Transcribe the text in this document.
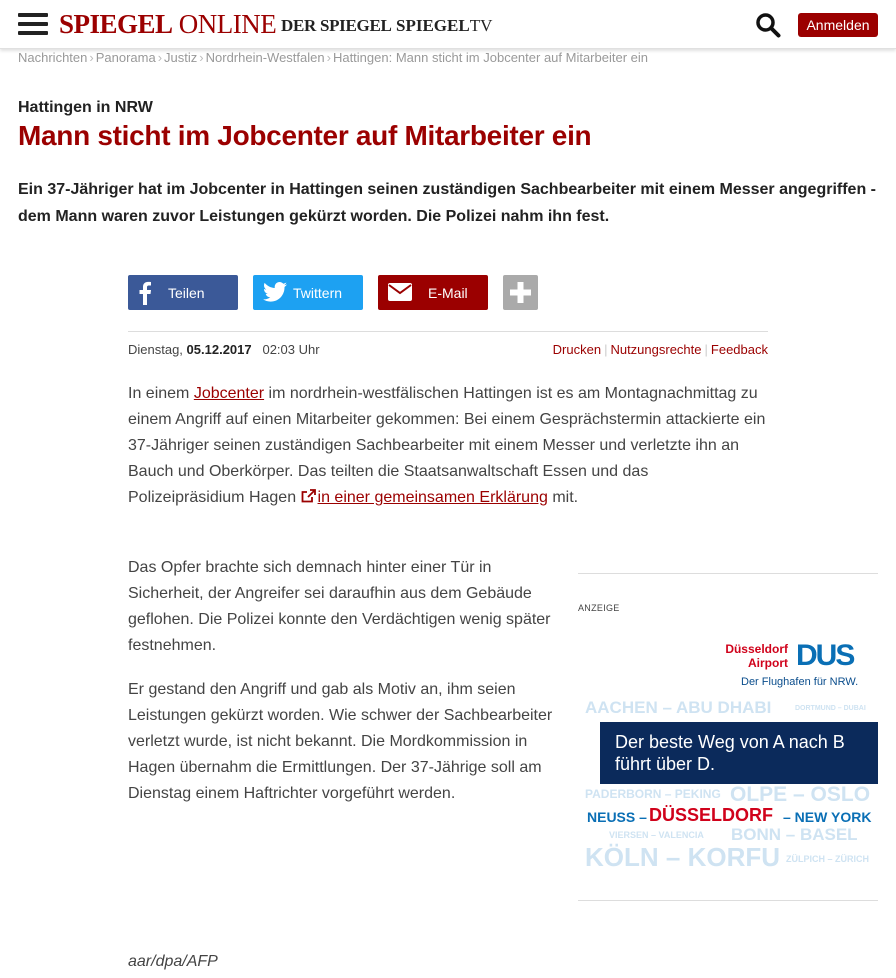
SPIEGEL ONLINE DER SPIEGEL SPIEGELTV	Anmelden
Nachrichten › Panorama › Justiz › Nordrhein-Westfalen › Hattingen: Mann sticht im Jobcenter auf Mitarbeiter ein
Hattingen in NRW
Mann sticht im Jobcenter auf Mitarbeiter ein

Ein 37-Jähriger hat im Jobcenter in Hattingen seinen zuständigen Sachbearbeiter mit einem Messer angegriffen - dem Mann waren zuvor Leistungen gekürzt worden. Die Polizei nahm ihn fest.

Teilen	Twittern	E-Mail
Dienstag, 05.12.2017 02:03 Uhr	Drucken | Nutzungsrechte | Feedback

In einem Jobcenter im nordrhein-westfälischen Hattingen ist es am Montagnachmittag zu einem Angriff auf einen Mitarbeiter gekommen: Bei einem Gesprächstermin attackierte ein 37-Jähriger seinen zuständigen Sachbearbeiter mit einem Messer und verletzte ihn an Bauch und Oberkörper. Das teilten die Staatsanwaltschaft Essen und das Polizeipräsidium Hagen in einer gemeinsamen Erklärung mit.

Das Opfer brachte sich demnach hinter einer Tür in Sicherheit, der Angreifer sei daraufhin aus dem Gebäude geflohen. Die Polizei konnte den Verdächtigen wenig später festnehmen.

Er gestand den Angriff und gab als Motiv an, ihm seien Leistungen gekürzt worden. Wie schwer der Sachbearbeiter verletzt wurde, ist nicht bekannt. Die Mordkommission in Hagen übernahm die Ermittlungen. Der 37-Jährige soll am Dienstag einem Haftrichter vorgeführt werden.

aar/dpa/AFP
ANZEIGE
Düsseldorf
Airport DUS
Der Flughafen für NRW.
AACHEN – ABU DHABI	DORTMUND – DUBAI
Der beste Weg von A nach B führt über D.
PADERBORN – PEKING OLPE – OSLO
NEUSS – DÜSSELDORF – NEW YORK
VIERSEN – VALENCIA BONN – BASEL
KÖLN – KORFU ZÜLPICH – ZÜRICH
